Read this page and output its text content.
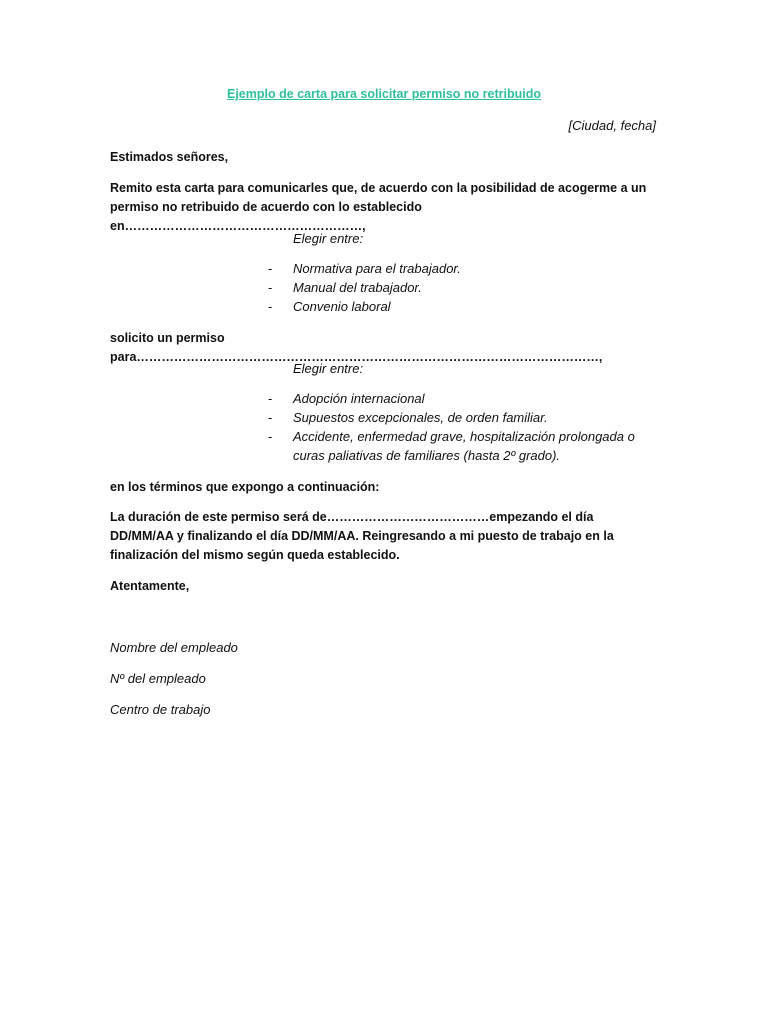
Ejemplo de carta para solicitar permiso no retribuido
[Ciudad, fecha]
Estimados señores,
Remito esta carta para comunicarles que, de acuerdo con la posibilidad de acogerme a un permiso no retribuido de acuerdo con lo establecido en…………………………………………………,
Elegir entre:
- Normativa para el trabajador.
- Manual del trabajador.
- Convenio laboral
solicito un permiso para…………………………………………………………………………………………………,
Elegir entre:
- Adopción internacional
- Supuestos excepcionales, de orden familiar.
- Accidente, enfermedad grave, hospitalización prolongada o curas paliativas de familiares (hasta 2º grado).
en los términos que expongo a continuación:
La duración de este permiso será de…………………………………empezando el día DD/MM/AA y finalizando el día DD/MM/AA. Reingresando a mi puesto de trabajo en la finalización del mismo según queda establecido.
Atentamente,
Nombre del empleado
Nº del empleado
Centro de trabajo
